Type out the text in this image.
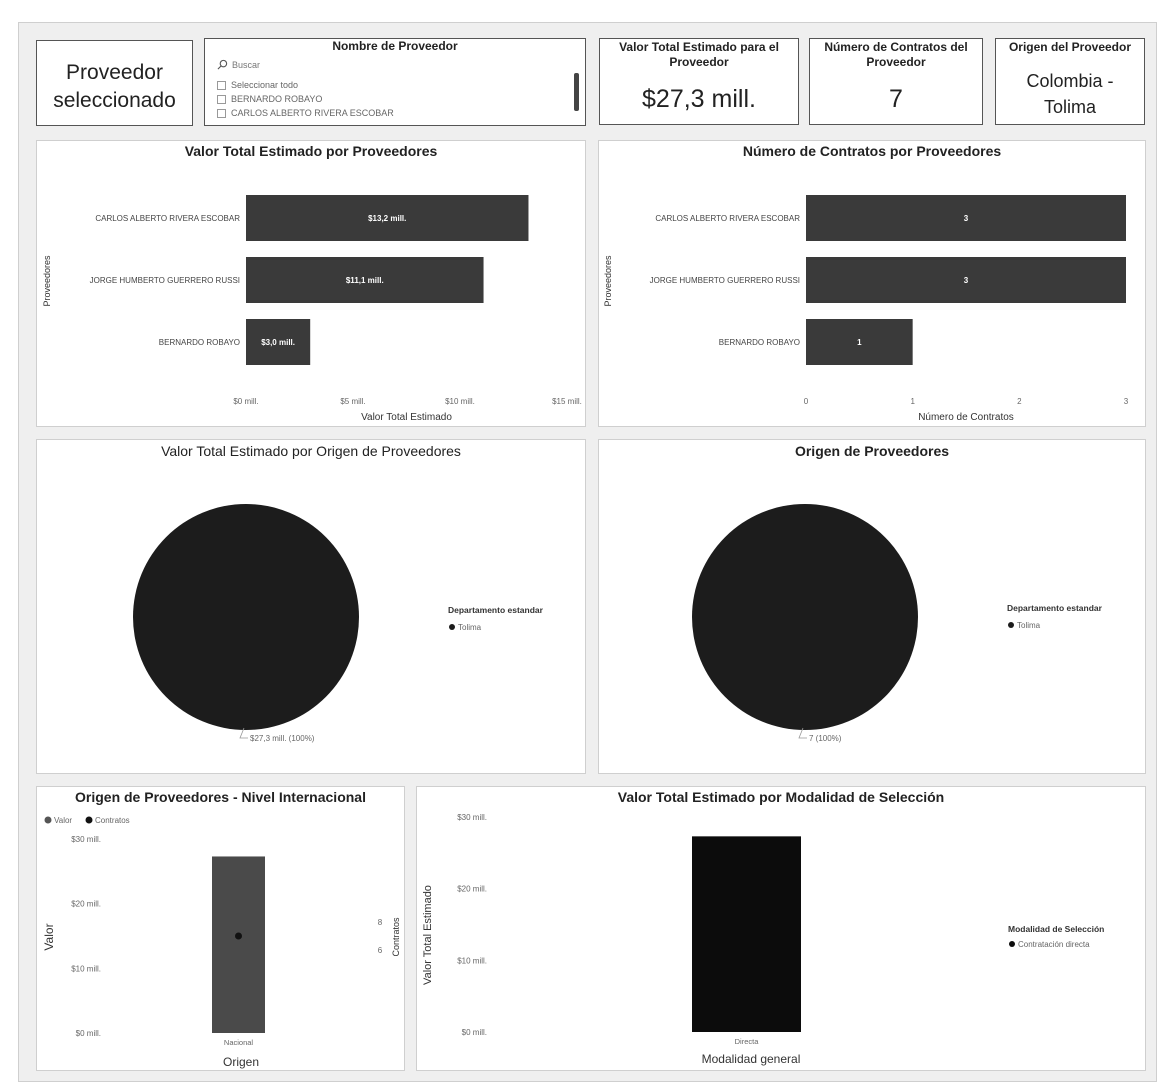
Proveedor seleccionado
Nombre de Proveedor
Buscar
Seleccionar todo
BERNARDO ROBAYO
CARLOS ALBERTO RIVERA ESCOBAR
Valor Total Estimado para el Proveedor
$27,3 mill.
Número de Contratos del Proveedor
7
Origen del Proveedor
Colombia - Tolima
Valor Total Estimado por Proveedores
CARLOS ALBERTO RIVERA ESCOBAR	$13,2 mill.
JORGE HUMBERTO GUERRERO RUSSI	$11,1 mill.
BERNARDO ROBAYO	$3,0 mill.
$0 mill.	$5 mill.	$10 mill.	$15 mill.
Valor Total Estimado
Proveedores
Número de Contratos por Proveedores
CARLOS ALBERTO RIVERA ESCOBAR	3
JORGE HUMBERTO GUERRERO RUSSI	3
BERNARDO ROBAYO	1
0	1	2	3
Número de Contratos
Proveedores
Valor Total Estimado por Origen de Proveedores
$27,3 mill. (100%)
Departamento estandar
Tolima
Origen de Proveedores
7 (100%)
Departamento estandar
Tolima
Origen de Proveedores - Nivel Internacional
Valor	Contratos
$0 mill.
$10 mill.
$20 mill.
$30 mill.
6
8
Nacional
Origen
Valor	Contratos
Valor Total Estimado por Modalidad de Selección
$0 mill.
$10 mill.
$20 mill.
$30 mill.
Directa
Modalidad general
Valor Total Estimado	Modalidad de Selección
Contratación directa
